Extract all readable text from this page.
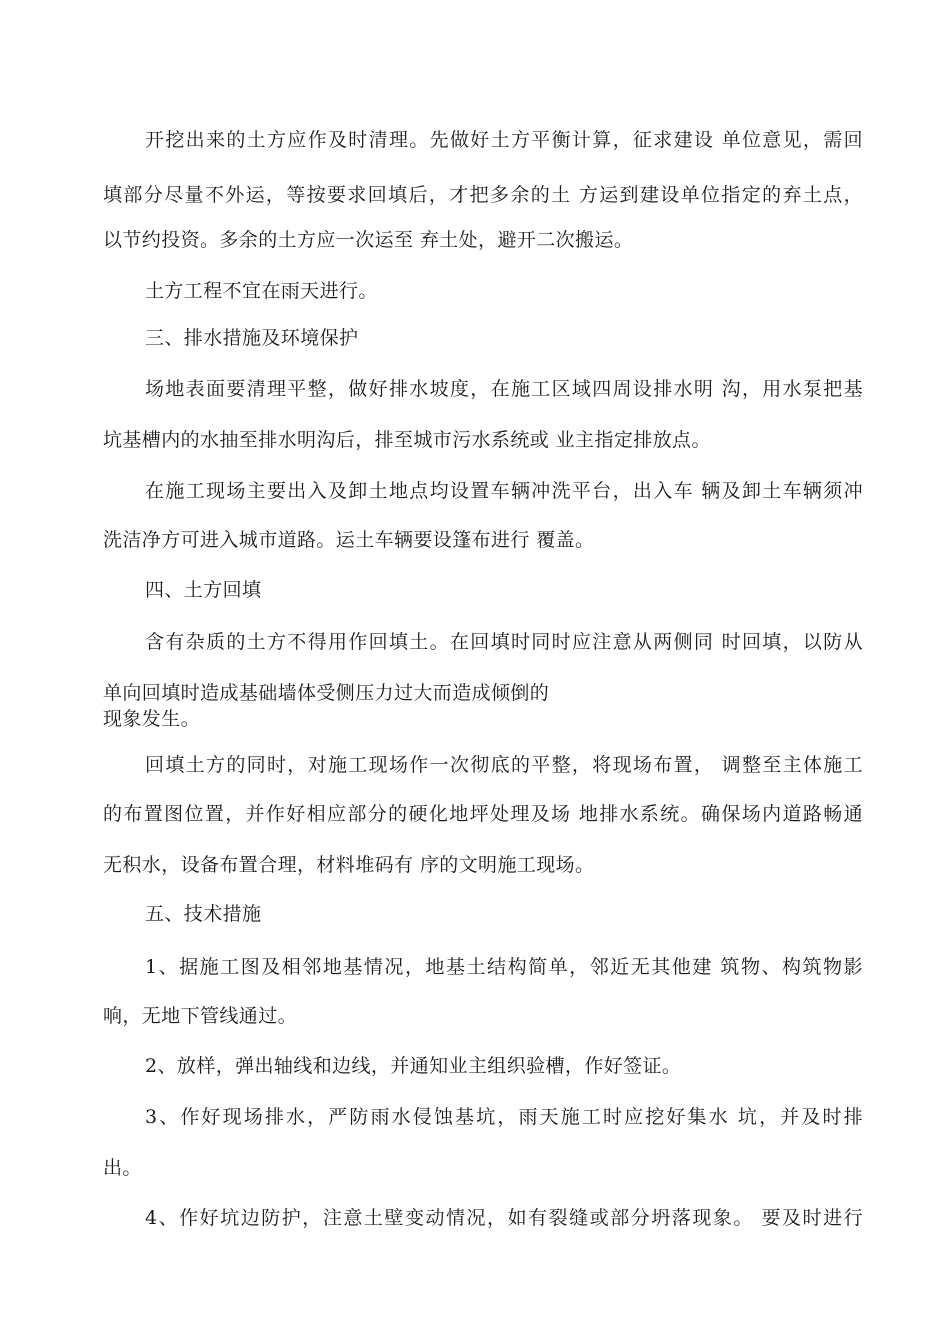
开挖出来的土方应作及时清理。先做好土方平衡计算，征求建设 单位意见，需回
填部分尽量不外运，等按要求回填后，才把多余的土 方运到建设单位指定的弃土点，
以节约投资。多余的土方应一次运至 弃土处，避开二次搬运。
土方工程不宜在雨天进行。
三、排水措施及环境保护
场地表面要清理平整，做好排水坡度，在施工区域四周设排水明 沟，用水泵把基
坑基槽内的水抽至排水明沟后，排至城市污水系统或 业主指定排放点。
在施工现场主要出入及卸土地点均设置车辆冲洗平台，出入车 辆及卸土车辆须冲
洗洁净方可进入城市道路。运土车辆要设篷布进行 覆盖。
四、土方回填
含有杂质的土方不得用作回填土。在回填时同时应注意从两侧同 时回填，以防从
单向回填时造成基础墙体受侧压力过大而造成倾倒的
现象发生。
回填土方的同时，对施工现场作一次彻底的平整，将现场布置， 调整至主体施工
的布置图位置，并作好相应部分的硬化地坪处理及场 地排水系统。确保场内道路畅通
无积水，设备布置合理，材料堆码有 序的文明施工现场。
五、技术措施
1、据施工图及相邻地基情况，地基土结构简单，邻近无其他建 筑物、构筑物影
响，无地下管线通过。
2、放样，弹出轴线和边线，并通知业主组织验槽，作好签证。
3、作好现场排水，严防雨水侵蚀基坑，雨天施工时应挖好集水 坑，并及时排
出。
4、作好坑边防护，注意土壁变动情况，如有裂缝或部分坍落现象。 要及时进行
